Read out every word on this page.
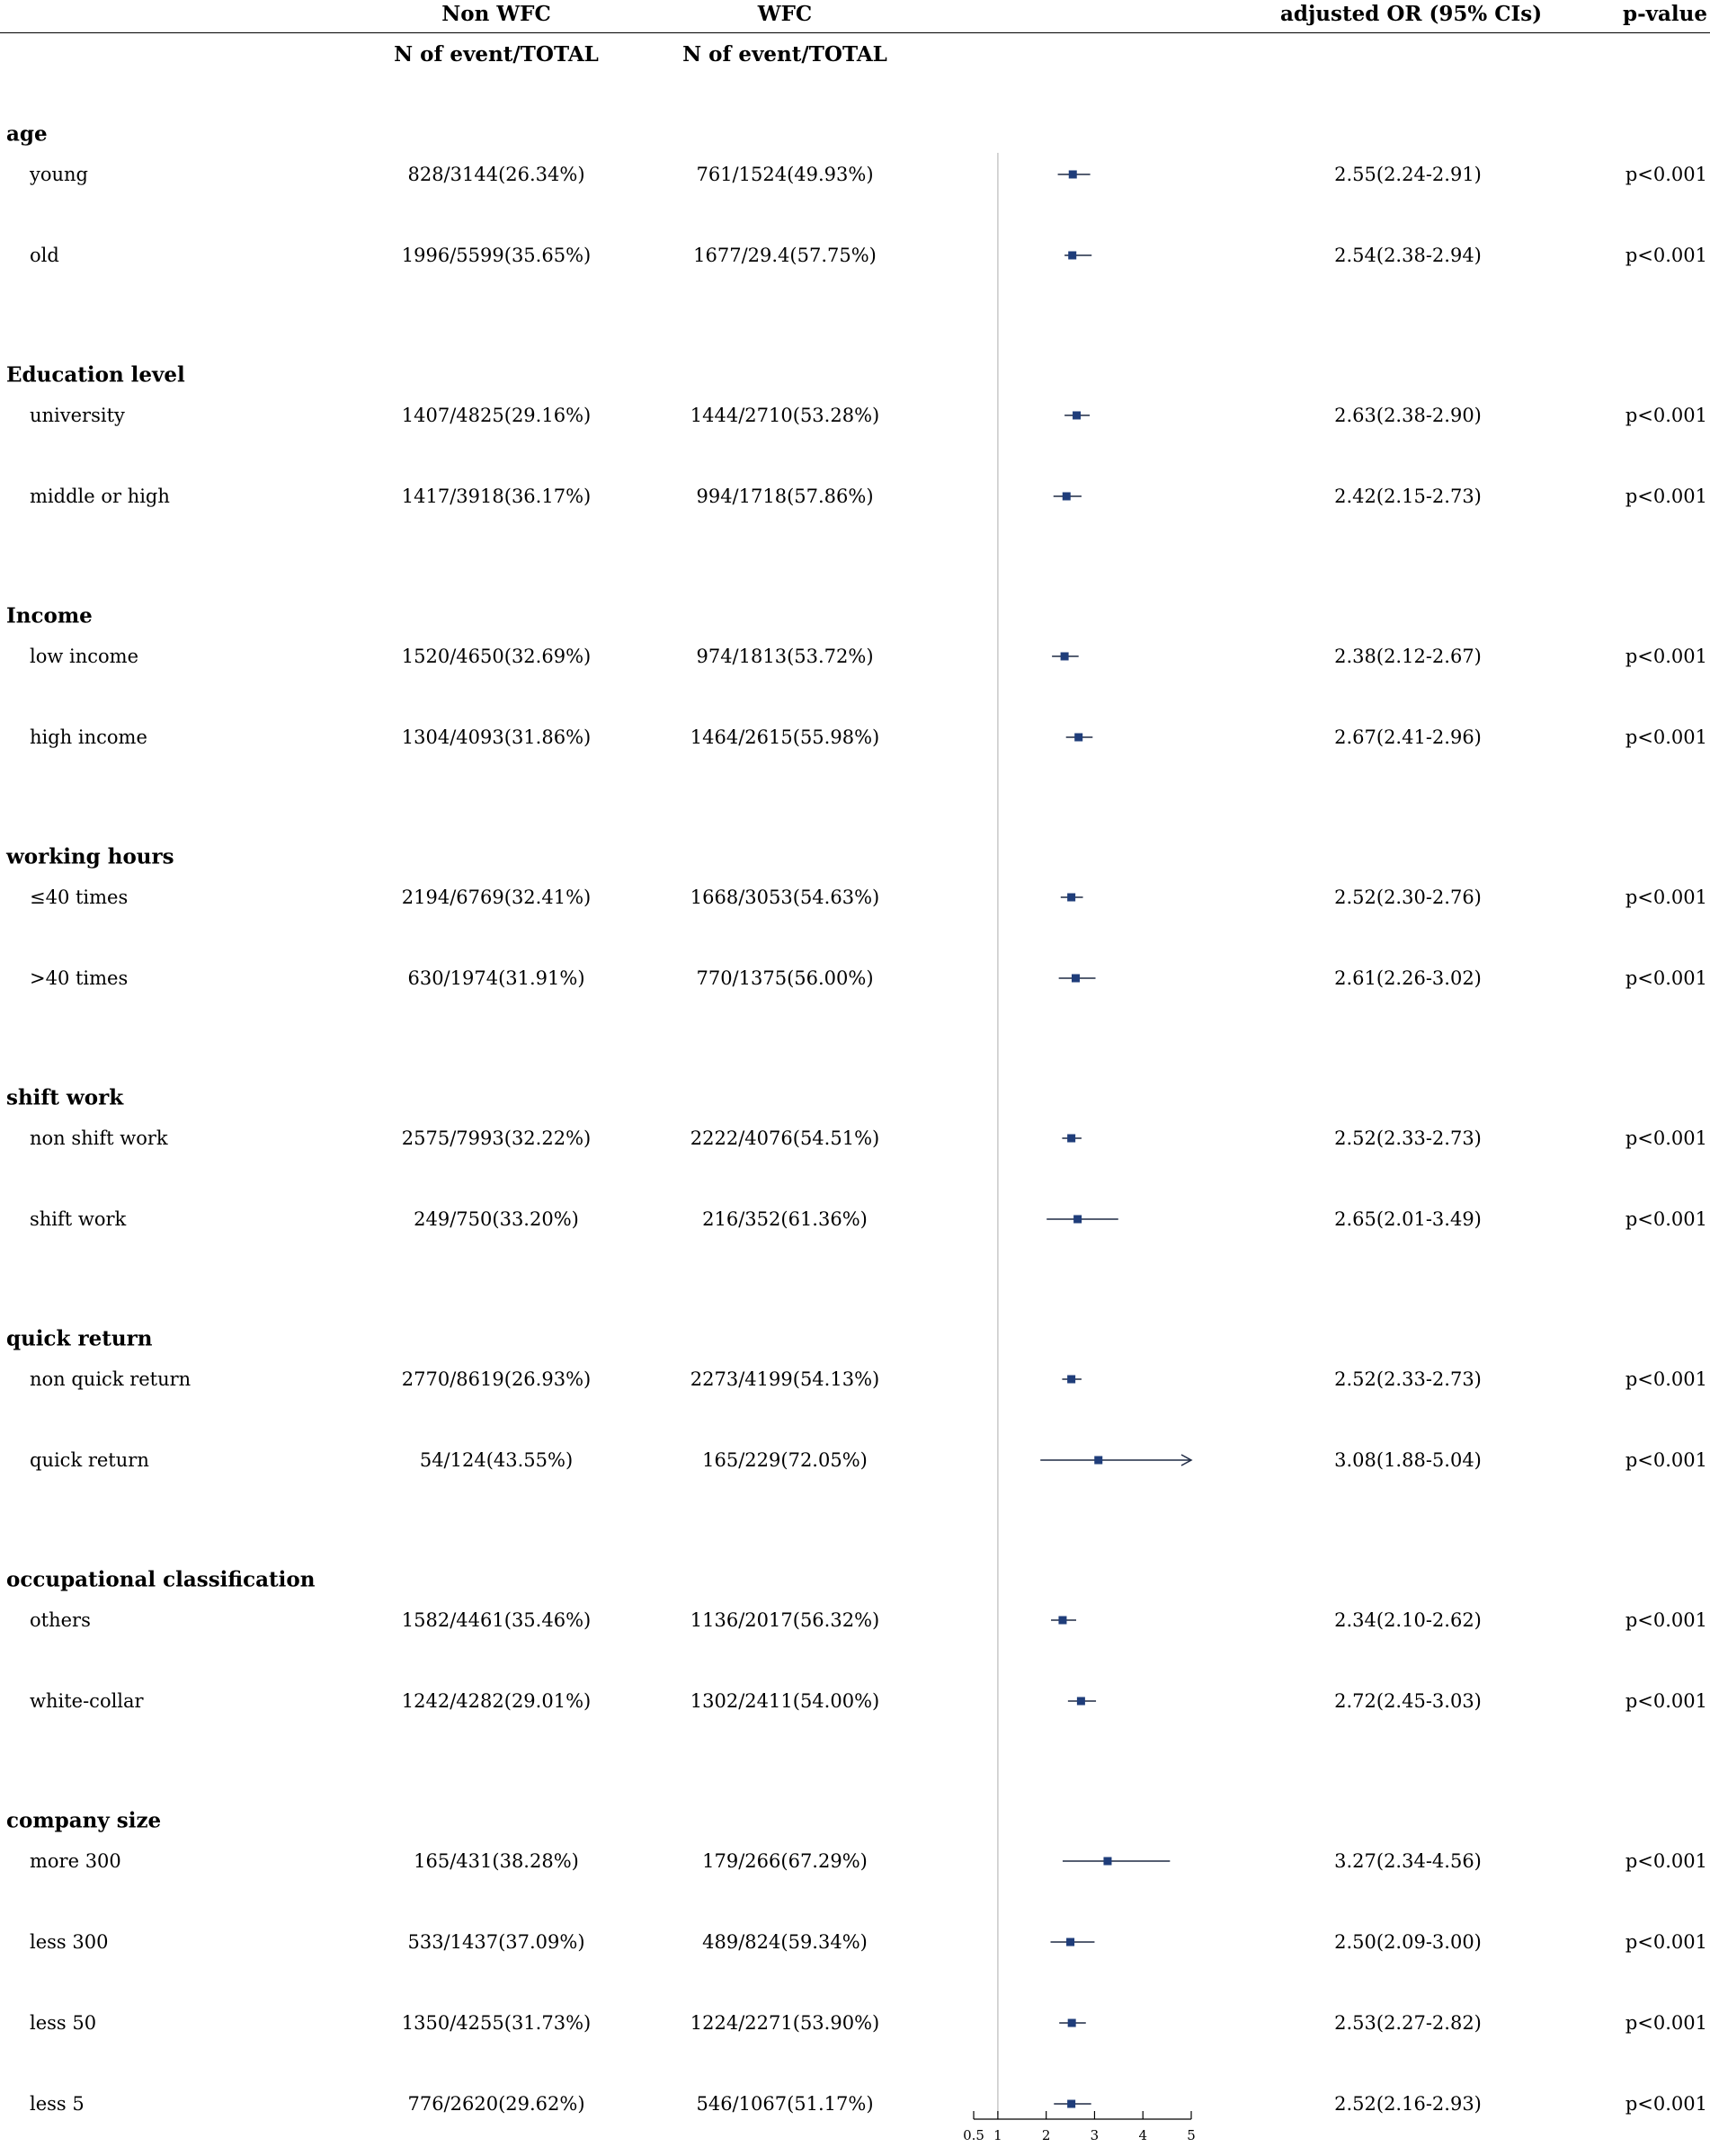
Non WFC	WFC	adjusted OR (95% CIs)	p-value
N of event/TOTAL	N of event/TOTAL
age
young	828/3144(26.34%)	761/1524(49.93%)	2.55(2.24-2.91)	p<0.001
old	1996/5599(35.65%)	1677/29.4(57.75%)	2.54(2.38-2.94)	p<0.001
Education level
university	1407/4825(29.16%)	1444/2710(53.28%)	2.63(2.38-2.90)	p<0.001
middle or high	1417/3918(36.17%)	994/1718(57.86%)	2.42(2.15-2.73)	p<0.001
Income
low income	1520/4650(32.69%)	974/1813(53.72%)	2.38(2.12-2.67)	p<0.001
high income	1304/4093(31.86%)	1464/2615(55.98%)	2.67(2.41-2.96)	p<0.001
working hours
≤40 times	2194/6769(32.41%)	1668/3053(54.63%)	2.52(2.30-2.76)	p<0.001
>40 times	630/1974(31.91%)	770/1375(56.00%)	2.61(2.26-3.02)	p<0.001
shift work
non shift work	2575/7993(32.22%)	2222/4076(54.51%)	2.52(2.33-2.73)	p<0.001
shift work	249/750(33.20%)	216/352(61.36%)	2.65(2.01-3.49)	p<0.001
quick return
non quick return	2770/8619(26.93%)	2273/4199(54.13%)	2.52(2.33-2.73)	p<0.001
quick return	54/124(43.55%)	165/229(72.05%)	3.08(1.88-5.04)	p<0.001
occupational classification
others	1582/4461(35.46%)	1136/2017(56.32%)	2.34(2.10-2.62)	p<0.001
white-collar	1242/4282(29.01%)	1302/2411(54.00%)	2.72(2.45-3.03)	p<0.001
company size
more 300	165/431(38.28%)	179/266(67.29%)	3.27(2.34-4.56)	p<0.001
less 300	533/1437(37.09%)	489/824(59.34%)	2.50(2.09-3.00)	p<0.001
less 50	1350/4255(31.73%)	1224/2271(53.90%)	2.53(2.27-2.82)	p<0.001
less 5	776/2620(29.62%)	546/1067(51.17%)	2.52(2.16-2.93)	p<0.001
0.5 1	2	3	4	5
